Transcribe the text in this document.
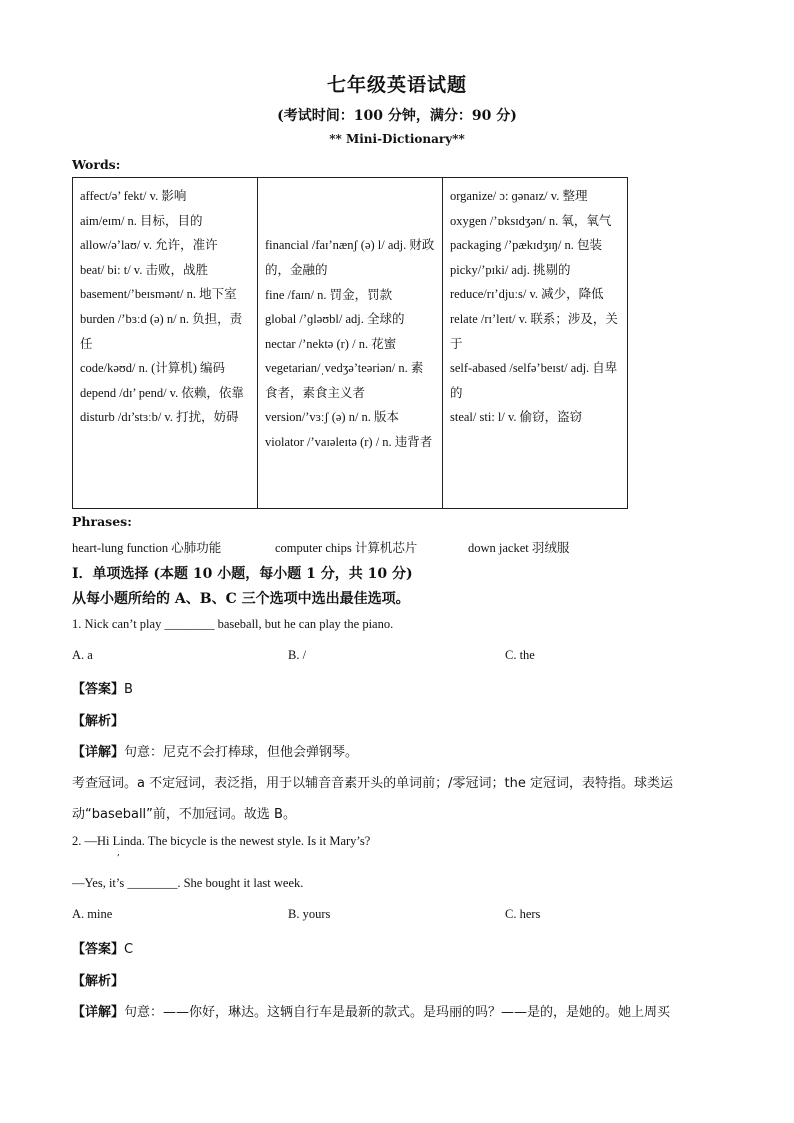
七年级英语试题
(考试时间：100 分钟，满分：90 分)
** Mini-Dictionary**
Words:
affect/ə’ fekt/ v. 影响
aim/eɪm/ n. 目标，目的
allow/ə’laʊ/ v. 允许，准许
beat/ bi: t/ v. 击败，战胜
basement/’beɪsmənt/ n. 地下室
burden /’bɜːd (ə) n/ n. 负担，责任
code/kəʊd/ n. (计算机) 编码
depend /dɪ’ pend/ v. 依赖，依靠
disturb /dɪ’stɜːb/ v. 打扰，妨碍

financial /faɪ’nænʃ (ə) l/ adj. 财政的，金融的
fine /faɪn/ n. 罚金，罚款
global /’ɡləʊbl/ adj. 全球的
nectar /’nektə (r) / n. 花蜜
vegetarian/ˌvedʒə’teəriən/ n. 素食者，素食主义者
version/’vɜːʃ (ə) n/ n. 版本
violator /’vaɪəleɪtə (r) / n. 违背者

organize/ ɔ: ɡənaɪz/ v. 整理
oxygen /’ɒksɪdʒən/ n. 氧，氧气
packaging /’pækɪdʒɪŋ/ n. 包装
picky/’pɪki/ adj. 挑剔的
reduce/rɪ’djuːs/ v. 减少，降低
relate /rɪ’leɪt/ v. 联系；涉及，关于
self-abased /selfə’beɪst/ adj. 自卑的
steal/ sti: l/ v. 偷窃，盗窃
Phrases:
heart-lung function 心肺功能	computer chips 计算机芯片	down jacket 羽绒服
Ⅰ．单项选择 (本题 10 小题，每小题 1 分，共 10 分)
从每小题所给的 A、B、C 三个选项中选出最佳选项。
1. Nick can’t play ________ baseball, but he can play the piano.
A. a	B. /	C. the
【答案】B
【解析】
【详解】句意：尼克不会打棒球，但他会弹钢琴。
考查冠词。a 不定冠词，表泛指，用于以辅音音素开头的单词前；/零冠词；the 定冠词，表特指。球类运
动“baseball”前，不加冠词。故选 B。
2. —Hi Linda. The bicycle is the newest style. Is it Mary’s?
,
—Yes, it’s ________. She bought it last week.
A. mine	B. yours	C. hers
【答案】C
【解析】
【详解】句意：——你好，琳达。这辆自行车是最新的款式。是玛丽的吗？——是的，是她的。她上周买
